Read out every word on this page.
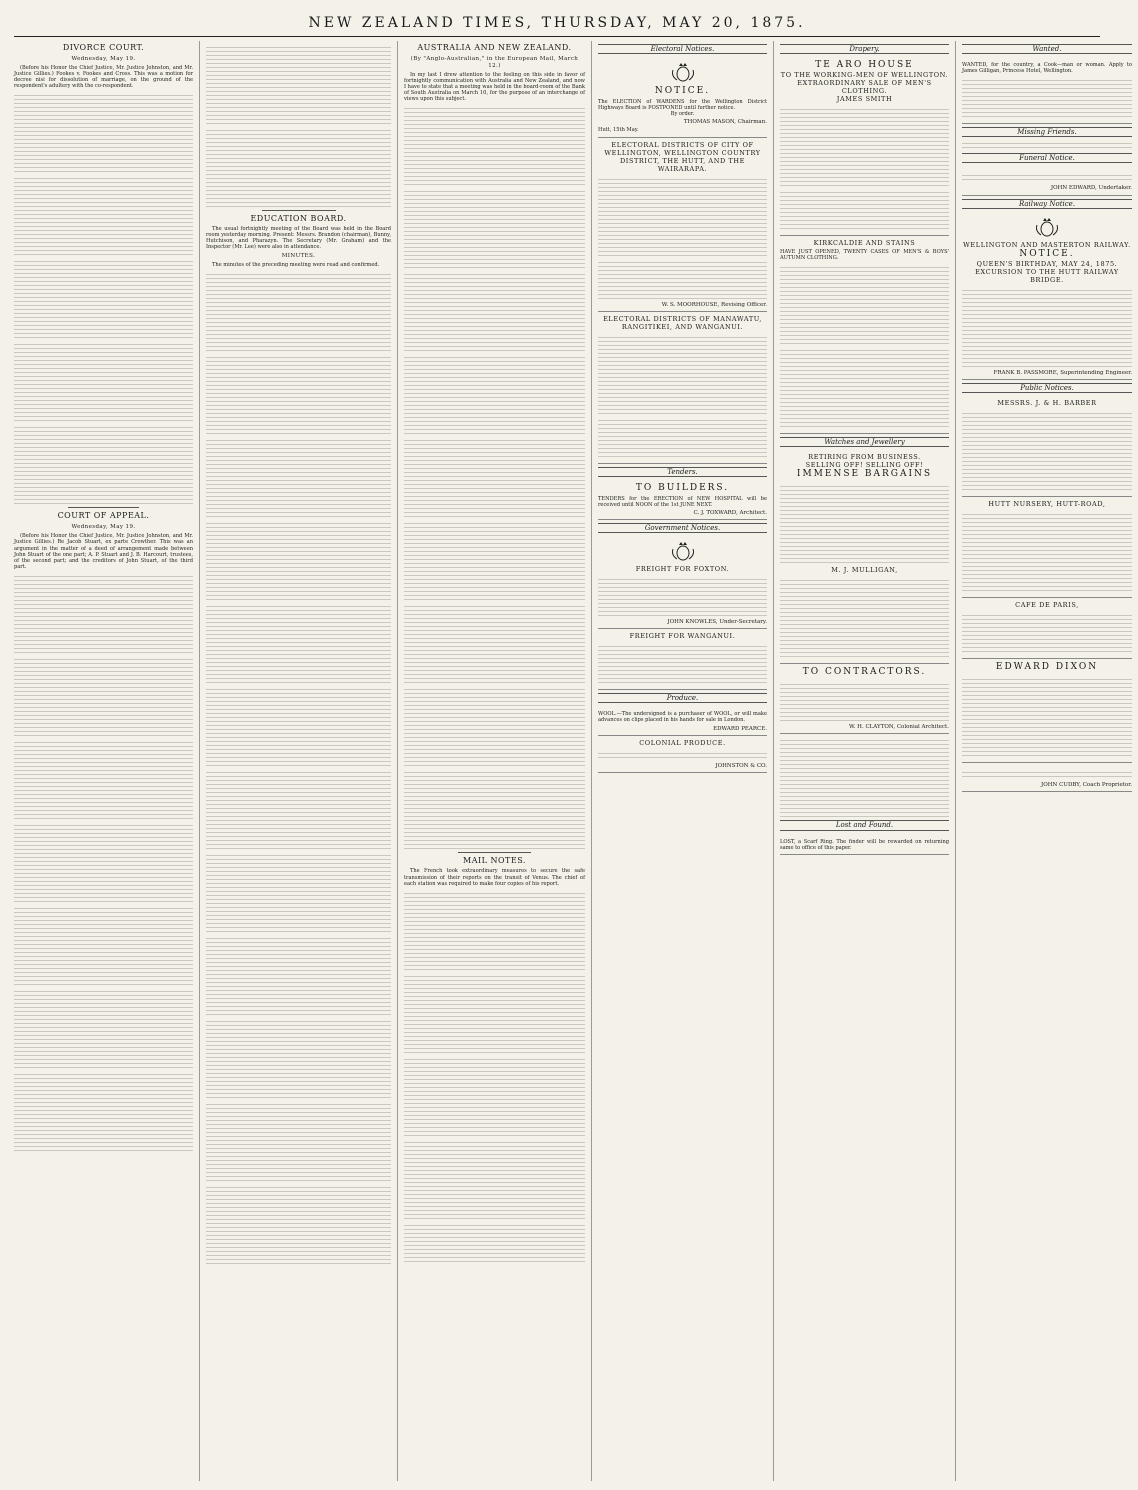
NEW ZEALAND TIMES, THURSDAY, MAY 20, 1875.
DIVORCE COURT.
Wednesday, May 19.

(Before his Honor the Chief Justice, Mr. Justice Johnston, and Mr. Justice Gillies.) Fookes v. Fookes and Cross. This was a motion for decree nisi for dissolution of marriage, on the ground of the respondent's adultery with the co-respondent.

COURT OF APPEAL.
Wednesday, May 19.

(Before his Honor the Chief Justice, Mr. Justice Johnston, and Mr. Justice Gillies.) Re Jacob Stuart, ex parte Crowther. This was an argument in the matter of a deed of arrangement made between John Stuart of the one part; A. P. Stuart and J. B. Harcourt, trustees, of the second part; and the creditors of John Stuart, of the third part.

EDUCATION BOARD.

The usual fortnightly meeting of the Board was held in the Board room yesterday morning. Present: Messrs. Brandon (chairman), Bunny, Hutchison, and Pharazyn. The Secretary (Mr. Graham) and the Inspector (Mr. Lee) were also in attendance.

MINUTES.

The minutes of the preceding meeting were read and confirmed.

AUSTRALIA AND NEW ZEALAND.
(By "Anglo-Australian," in the European Mail, March 12.)

In my last I drew attention to the feeling on this side in favor of fortnightly communication with Australia and New Zealand, and now I have to state that a meeting was held in the board-room of the Bank of South Australia on March 10, for the purpose of an interchange of views upon this subject.

MAIL NOTES.

The French took extraordinary measures to secure the safe transmission of their reports on the transit of Venus. The chief of each station was required to make four copies of his report.

Electoral Notices.
NOTICE.
The ELECTION of WARDENS for the Wellington District Highways Board is POSTPONED until further notice.
By order.
THOMAS MASON, Chairman.
Hutt, 15th May.
ELECTORAL DISTRICTS OF CITY OF WELLINGTON, WELLINGTON COUNTRY DISTRICT, THE HUTT, AND THE WAIRARAPA.
W. S. MOORHOUSE, Revising Officer.
ELECTORAL DISTRICTS OF MANAWATU, RANGITIKEI, AND WANGANUI.
Tenders.
TO BUILDERS.
TENDERS for the ERECTION of NEW HOSPITAL will be received until NOON of the 1st JUNE NEXT.
C. J. TOXWARD, Architect.
Government Notices.
FREIGHT FOR FOXTON.
JOHN KNOWLES, Under-Secretary.
FREIGHT FOR WANGANUI.
Produce.
WOOL.—The undersigned is a purchaser of WOOL, or will make advances on clips placed in his hands for sale in London.
EDWARD PEARCE.
COLONIAL PRODUCE.
JOHNSTON & CO.
Drapery.
TE ARO HOUSE
TO THE WORKING-MEN OF WELLINGTON.
EXTRAORDINARY SALE OF MEN'S CLOTHING.
JAMES SMITH
KIRKCALDIE AND STAINS
HAVE JUST OPENED, TWENTY CASES OF MEN'S & BOYS' AUTUMN CLOTHING.
Watches and Jewellery
RETIRING FROM BUSINESS.
SELLING OFF! SELLING OFF!
IMMENSE BARGAINS
M. J. MULLIGAN,
TO CONTRACTORS.
W. H. CLAYTON, Colonial Architect.
Lost and Found.
LOST, a Scarf Ring. The finder will be rewarded on returning same to office of this paper.
Wanted.
WANTED, for the country, a Cook—man or woman. Apply to James Gilligan, Princess Hotel, Wellington.
Missing Friends.
Funeral Notice.
JOHN EDWARD, Undertaker.
Railway Notice.
WELLINGTON AND MASTERTON RAILWAY.
NOTICE.
QUEEN'S BIRTHDAY, MAY 24, 1875.
EXCURSION TO THE HUTT RAILWAY BRIDGE.
FRANK B. PASSMORE, Superintending Engineer.
Public Notices.
MESSRS. J. & H. BARBER
HUTT NURSERY, HUTT-ROAD,
CAFE DE PARIS,
EDWARD DIXON
JOHN CUDBY, Coach Proprietor.
